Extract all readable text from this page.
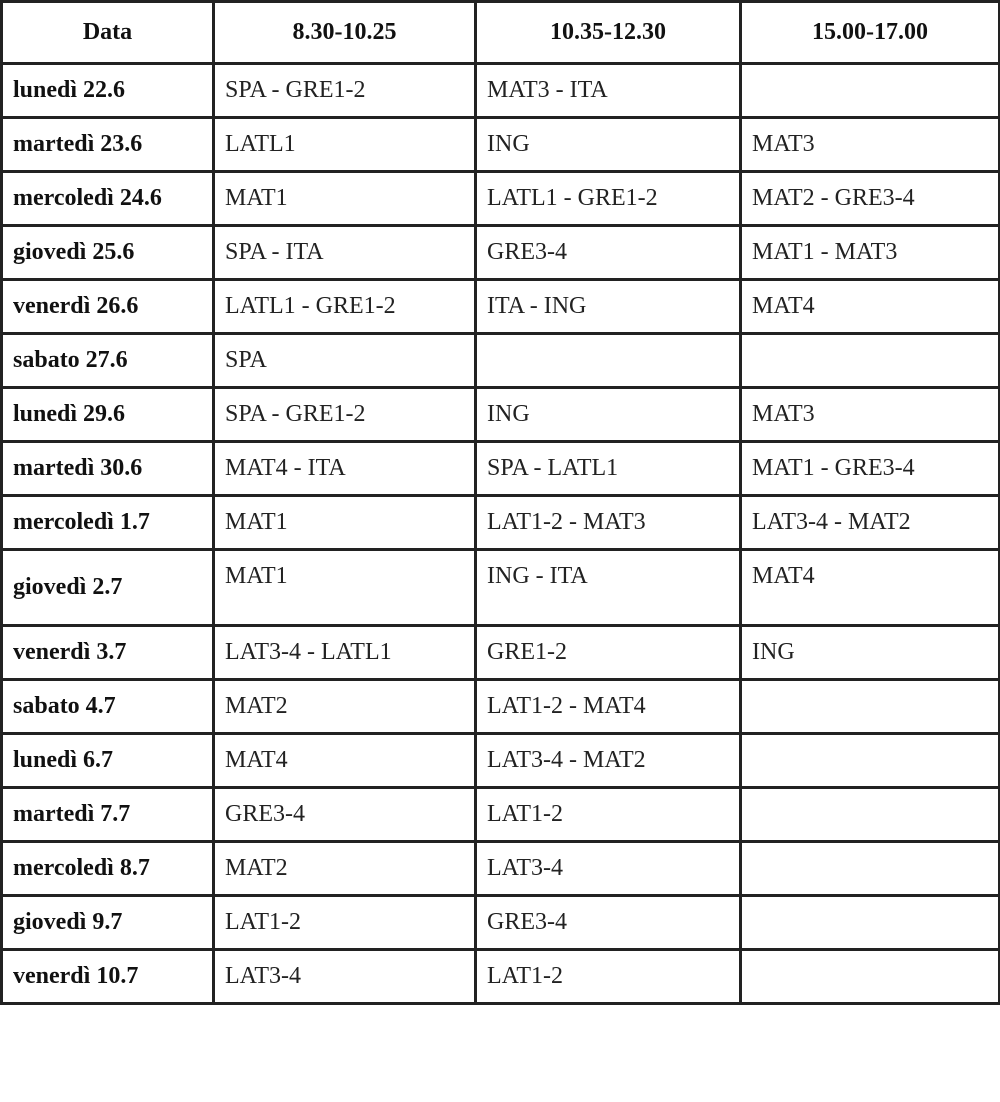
Data	8.30-10.25	10.35-12.30	15.00-17.00
lunedì 22.6	SPA - GRE1-2	MAT3 - ITA	
martedì 23.6	LATL1	ING	MAT3
mercoledì 24.6	MAT1	LATL1 - GRE1-2	MAT2 - GRE3-4
giovedì 25.6	SPA - ITA	GRE3-4	MAT1 - MAT3
venerdì 26.6	LATL1 - GRE1-2	ITA - ING	MAT4
sabato 27.6	SPA		
lunedì 29.6	SPA - GRE1-2	ING	MAT3
martedì 30.6	MAT4 - ITA	SPA - LATL1	MAT1 - GRE3-4
mercoledì 1.7	MAT1	LAT1-2 - MAT3	LAT3-4 - MAT2
giovedì 2.7	MAT1	ING - ITA	MAT4
venerdì 3.7	LAT3-4 - LATL1	GRE1-2	ING
sabato 4.7	MAT2	LAT1-2 - MAT4	
lunedì 6.7	MAT4	LAT3-4 - MAT2	
martedì 7.7	GRE3-4	LAT1-2	
mercoledì 8.7	MAT2	LAT3-4	
giovedì 9.7	LAT1-2	GRE3-4	
venerdì 10.7	LAT3-4	LAT1-2	
